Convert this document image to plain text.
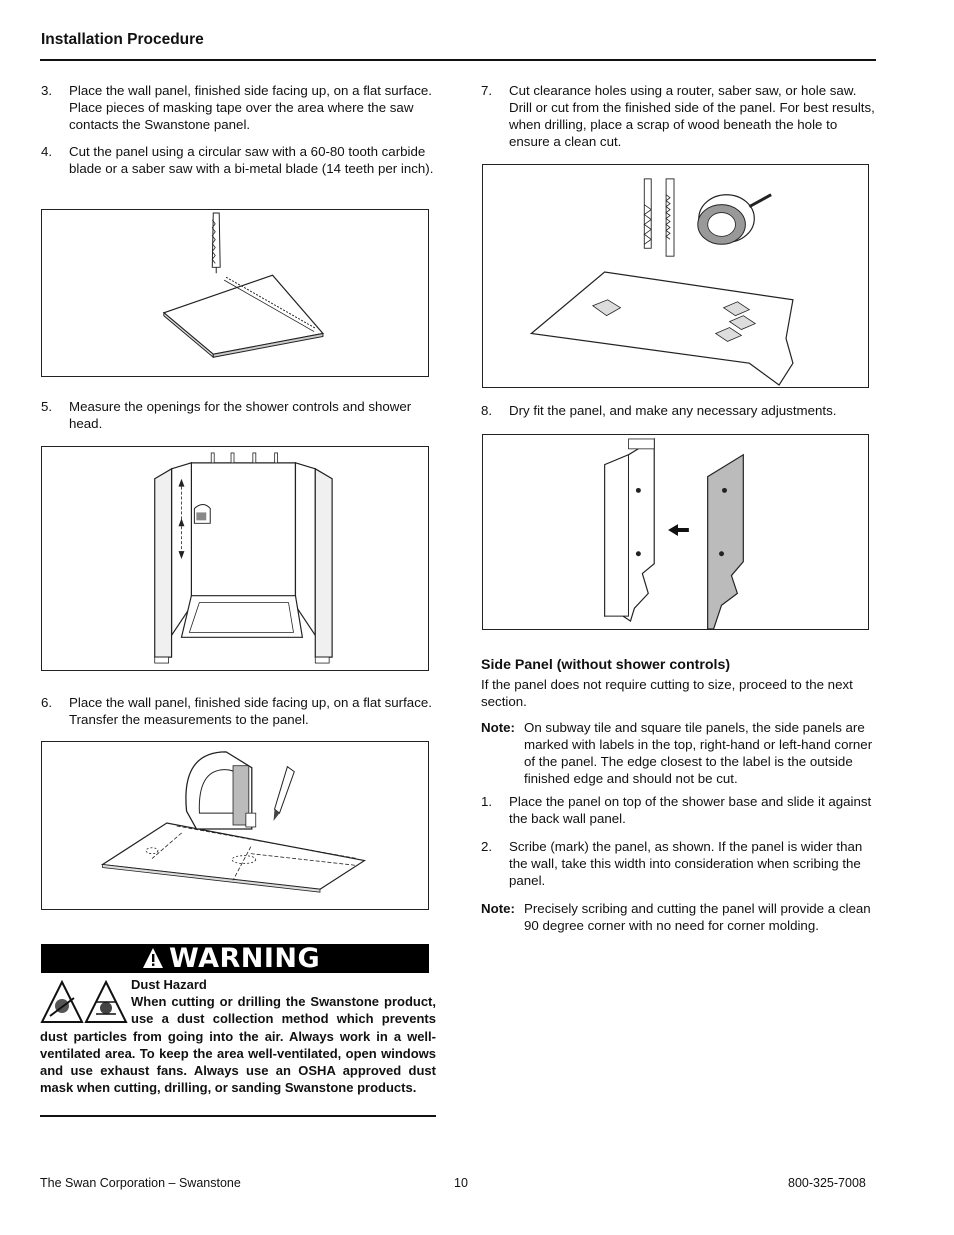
Installation Procedure
3.	Place the wall panel, finished side facing up, on a flat surface. Place pieces of masking tape over the area where the saw contacts the Swanstone panel.
4.	Cut the panel using a circular saw with a 60-80 tooth carbide blade or a saber saw with a bi-metal blade (14 teeth per inch).
5.	Measure the openings for the shower controls and shower head.
6.	Place the wall panel, finished side facing up, on a flat surface. Transfer the measurements to the panel.
WARNING
Dust Hazard
When cutting or drilling the Swanstone product, use a dust collection method which prevents dust particles from going into the air. Always work in a well-ventilated area. To keep the area well-ventilated, open windows and use exhaust fans. Always use an OSHA approved dust mask when cutting, drilling, or sanding Swanstone products.
7.	Cut clearance holes using a router, saber saw, or hole saw. Drill or cut from the finished side of the panel. For best results, when drilling, place a scrap of wood beneath the hole to ensure a clean cut.
8.	Dry fit the panel, and make any necessary adjustments.
Side Panel (without shower controls)
If the panel does not require cutting to size, proceed to the next section.
Note: On subway tile and square tile panels, the side panels are marked with labels in the top, right-hand or left-hand corner of the panel. The edge closest to the label is the outside finished edge and should not be cut.
1.	Place the panel on top of the shower base and slide it against the back wall panel.
2.	Scribe (mark) the panel, as shown. If the panel is wider than the wall, take this width into consideration when scribing the panel.
Note: Precisely scribing and cutting the panel will provide a clean 90 degree corner with no need for corner molding.
The Swan Corporation – Swanstone	10	800-325-7008
